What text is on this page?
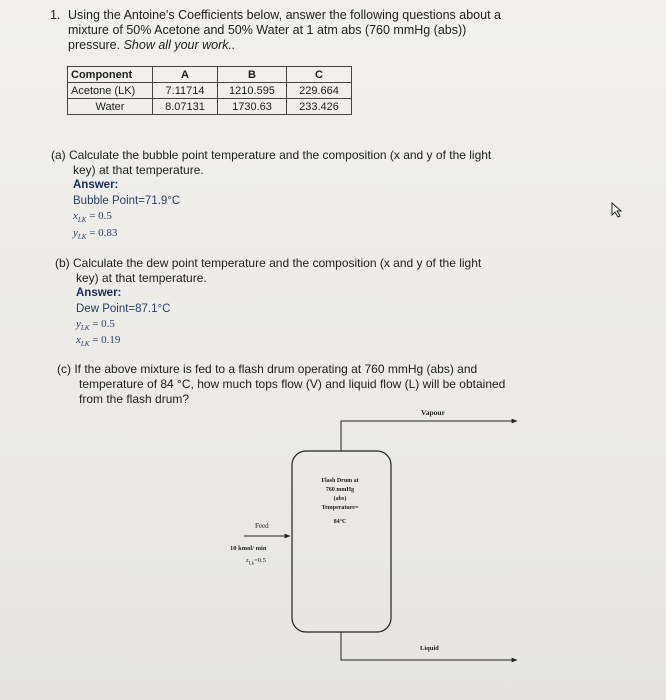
1. Using the Antoine's Coefficients below, answer the following questions about a
mixture of 50% Acetone and 50% Water at 1 atm abs (760 mmHg (abs))
pressure. Show all your work..
Component	A	B	C
Acetone (LK)	7.11714	1210.595	229.664
Water	8.07131	1730.63	233.426
(a) Calculate the bubble point temperature and the composition (x and y of the light
key) at that temperature.
Answer:
Bubble Point=71.9°C
$x_{LK} = 0.5$
$y_{LK} = 0.83$
(b) Calculate the dew point temperature and the composition (x and y of the light
key) at that temperature.
Answer:
Dew Point=87.1°C
$y_{LK} = 0.5$
$x_{LK} = 0.19$
(c) If the above mixture is fed to a flash drum operating at 760 mmHg (abs) and
temperature of 84 °C, how much tops flow (V) and liquid flow (L) will be obtained
from the flash drum?
Vapour
Liquid
Feed
10 kmol/ min
$z_{Lk}=0.5$
Flash Drum at
760 mmHg
(abs)
Temperature=
84°C
